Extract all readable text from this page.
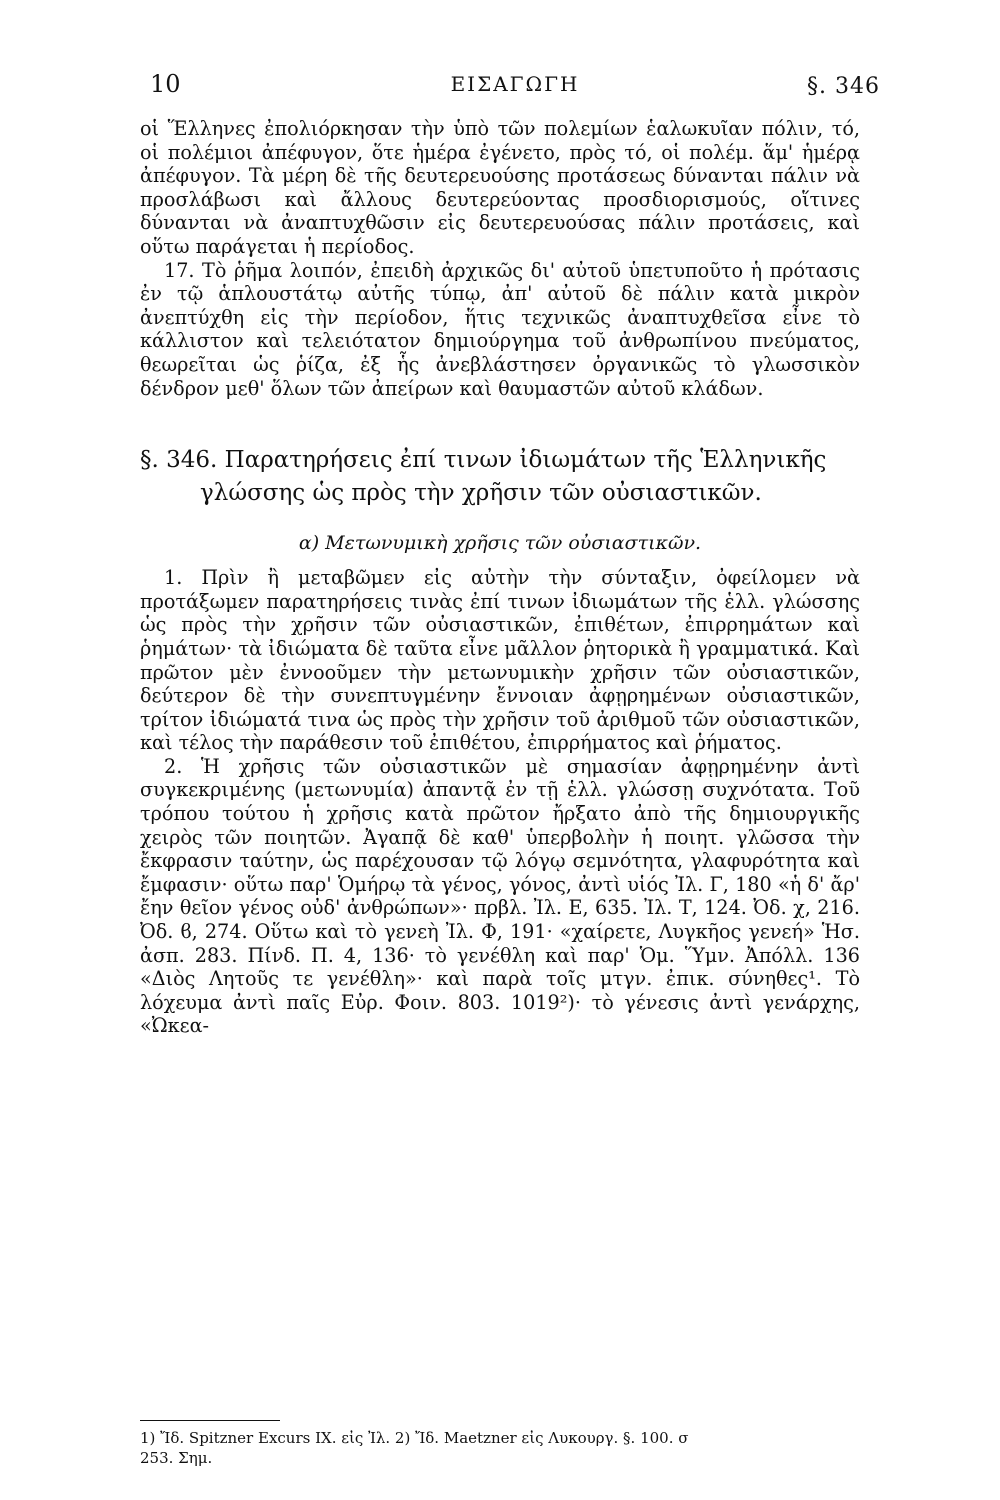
10	ΕΙΣΑΓΩΓΗ	§. 346

οἱ Ἕλληνες ἐπολιόρκησαν τὴν ὑπὸ τῶν πολεμίων ἑαλωκυῖαν πόλιν, τό, οἱ πολέμιοι ἀπέφυγον, ὅτε ἡμέρα ἐγένετο, πρὸς τό, οἱ πολέμ. ἅμ' ἡμέρᾳ ἀπέφυγον. Τὰ μέρη δὲ τῆς δευτερευούσης προτάσεως δύνανται πάλιν νὰ προσλάβωσι καὶ ἄλλους δευτερεύοντας προσδιορισμούς, οἵτινες δύνανται νὰ ἀναπτυχθῶσιν εἰς δευτερευούσας πάλιν προτάσεις, καὶ οὕτω παράγεται ἡ περίοδος.

17. Τὸ ῥῆμα λοιπόν, ἐπειδὴ ἀρχικῶς δι' αὐτοῦ ὑπετυποῦτο ἡ πρότασις ἐν τῷ ἁπλουστάτῳ αὐτῆς τύπῳ, ἀπ' αὐτοῦ δὲ πάλιν κατὰ μικρὸν ἀνεπτύχθη εἰς τὴν περίοδον, ἥτις τεχνικῶς ἀναπτυχθεῖσα εἶνε τὸ κάλλιστον καὶ τελειότατον δημιούργημα τοῦ ἀνθρωπίνου πνεύματος, θεωρεῖται ὡς ῥίζα, ἐξ ἧς ἀνεβλάστησεν ὀργανικῶς τὸ γλωσσικὸν δένδρον μεθ' ὅλων τῶν ἀπείρων καὶ θαυμαστῶν αὐτοῦ κλάδων.

§. 346. Παρατηρήσεις ἐπί τινων ἰδιωμάτων τῆς Ἑλληνικῆς
γλώσσης ὡς πρὸς τὴν χρῆσιν τῶν οὐσιαστικῶν.
α) Μετωνυμικὴ χρῆσις τῶν οὐσιαστικῶν.

1. Πρὶν ἢ μεταβῶμεν εἰς αὐτὴν τὴν σύνταξιν, ὀφείλομεν νὰ προτάξωμεν παρατηρήσεις τινὰς ἐπί τινων ἰδιωμάτων τῆς ἑλλ. γλώσσης ὡς πρὸς τὴν χρῆσιν τῶν οὐσιαστικῶν, ἐπιθέτων, ἐπιρρημάτων καὶ ῥημάτων· τὰ ἰδιώματα δὲ ταῦτα εἶνε μᾶλλον ῥητορικὰ ἢ γραμματικά. Καὶ πρῶτον μὲν ἐννοοῦμεν τὴν μετωνυμικὴν χρῆσιν τῶν οὐσιαστικῶν, δεύτερον δὲ τὴν συνεπτυγμένην ἔννοιαν ἀφῃρημένων οὐσιαστικῶν, τρίτον ἰδιώματά τινα ὡς πρὸς τὴν χρῆσιν τοῦ ἀριθμοῦ τῶν οὐσιαστικῶν, καὶ τέλος τὴν παράθεσιν τοῦ ἐπιθέτου, ἐπιρρήματος καὶ ῥήματος.

2. Ἡ χρῆσις τῶν οὐσιαστικῶν μὲ σημασίαν ἀφῃρημένην ἀντὶ συγκεκριμένης (μετωνυμία) ἀπαντᾷ ἐν τῇ ἑλλ. γλώσσῃ συχνότατα. Τοῦ τρόπου τούτου ἡ χρῆσις κατὰ πρῶτον ἤρξατο ἀπὸ τῆς δημιουργικῆς χειρὸς τῶν ποιητῶν. Ἀγαπᾷ δὲ καθ' ὑπερβολὴν ἡ ποιητ. γλῶσσα τὴν ἔκφρασιν ταύτην, ὡς παρέχουσαν τῷ λόγῳ σεμνότητα, γλαφυρότητα καὶ ἔμφασιν· οὕτω παρ' Ὁμήρῳ τὰ γένος, γόνος, ἀντὶ υἱός Ἰλ. Γ, 180 «ἡ δ' ἄρ' ἔην θεῖον γένος οὐδ' ἀνθρώπων»· πρβλ. Ἰλ. Ε, 635. Ἰλ. Τ, 124. Ὀδ. χ, 216. Ὀδ. ϐ, 274. Οὕτω καὶ τὸ γενεὴ Ἰλ. Φ, 191· «χαίρετε, Λυγκῆος γενεή» Ἡσ. ἀσπ. 283. Πίνδ. Π. 4, 136· τὸ γενέθλη καὶ παρ' Ὁμ. Ὕμν. Ἀπόλλ. 136 «Διὸς Λητοῦς τε γενέθλη»· καὶ παρὰ τοῖς μτγν. ἐπικ. σύνηθες¹. Τὸ λόχευμα ἀντὶ παῖς Εὐρ. Φοιν. 803. 1019²)· τὸ γένεσις ἀντὶ γενάρχης, «Ὠκεα-

1) Ἴδ. Spitzner Excurs IX. εἰς Ἰλ. 2) Ἴδ. Maetzner εἰς Λυκουργ. §. 100. σ
253. Σημ.
